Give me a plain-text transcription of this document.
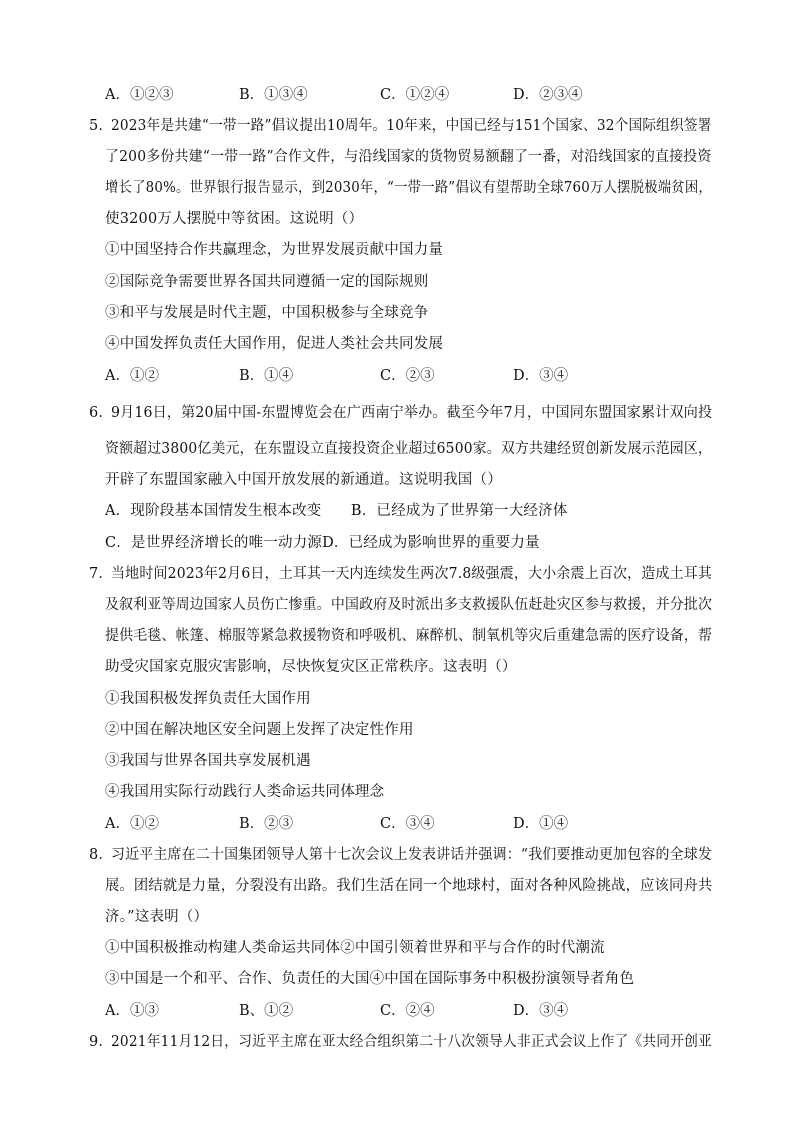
A．①②③	B．①③④	C．①②④	D．②③④
5．
2023年是共建“一带一路”倡议提出10周年。10年来，中国已经与151个国家、32个国际组织签署
了200多份共建“一带一路”合作文件，与沿线国家的货物贸易额翻了一番，对沿线国家的直接投资
增长了80%。世界银行报告显示，到2030年，“一带一路”倡议有望帮助全球760万人摆脱极端贫困，
使3200万人摆脱中等贫困。这说明（）
①中国坚持合作共赢理念，为世界发展贡献中国力量
②国际竞争需要世界各国共同遵循一定的国际规则
③和平与发展是时代主题，中国积极参与全球竞争
④中国发挥负责任大国作用，促进人类社会共同发展
A．①②	B．①④	C．②③	D．③④
6．
9月16日，第20届中国-东盟博览会在广西南宁举办。截至今年7月，中国同东盟国家累计双向投
资额超过3800亿美元，在东盟设立直接投资企业超过6500家。双方共建经贸创新发展示范园区，
开辟了东盟国家融入中国开放发展的新通道。这说明我国（）
A．现阶段基本国情发生根本改变　　B．已经成为了世界第一大经济体
C．是世界经济增长的唯一动力源D．已经成为影响世界的重要力量
7．
当地时间2023年2月6日，土耳其一天内连续发生两次7.8级强震，大小余震上百次，造成土耳其
及叙利亚等周边国家人员伤亡惨重。中国政府及时派出多支救援队伍赶赴灾区参与救援，并分批次
提供毛毯、帐篷、棉服等紧急救援物资和呼吸机、麻醉机、制氧机等灾后重建急需的医疗设备，帮
助受灾国家克服灾害影响，尽快恢复灾区正常秩序。这表明（）
①我国积极发挥负责任大国作用
②中国在解决地区安全问题上发挥了决定性作用
③我国与世界各国共享发展机遇
④我国用实际行动践行人类命运共同体理念
A．①②	B．②③	C．③④	D．①④
8．
习近平主席在二十国集团领导人第十七次会议上发表讲话并强调：“我们要推动更加包容的全球发
展。团结就是力量，分裂没有出路。我们生活在同一个地球村，面对各种风险挑战，应该同舟共
济。”这表明（）
①中国积极推动构建人类命运共同体②中国引领着世界和平与合作的时代潮流
③中国是一个和平、合作、负责任的大国④中国在国际事务中积极扮演领导者角色
A．①③	B、①②	C．②④	D．③④
9．
2021年11月12日，习近平主席在亚太经合组织第二十八次领导人非正式会议上作了《共同开创亚
